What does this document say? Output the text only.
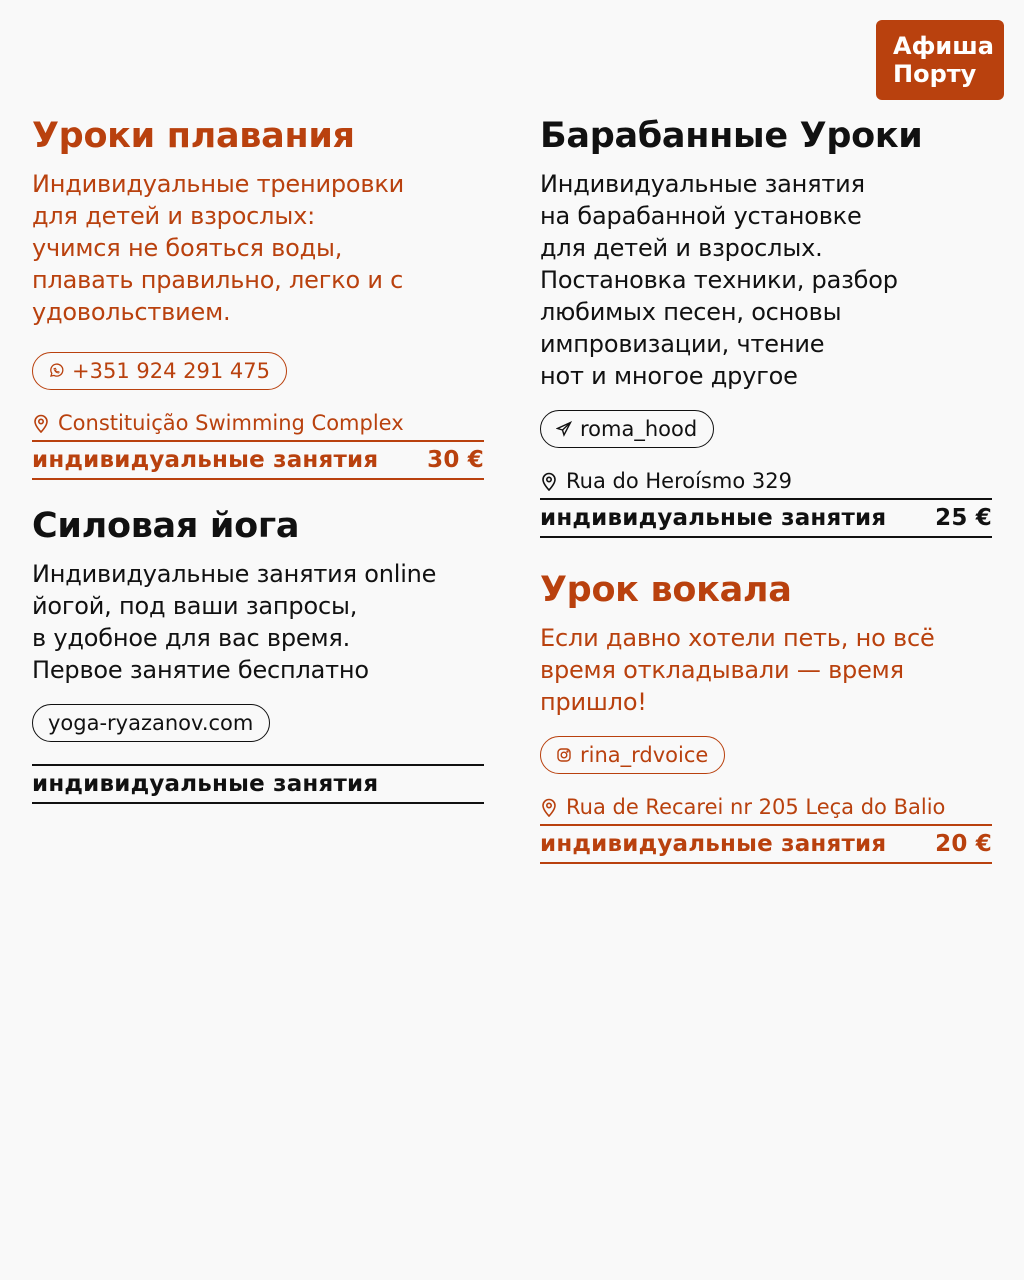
Афиша
Порту
Уроки плавания
Индивидуальные тренировки
для детей и взрослых:
учимся не бояться воды,
плавать правильно, легко и с
удовольствием.
+351 924 291 475
Constituição Swimming Complex
индивидуальные занятия 30 €
Барабанные Уроки
Индивидуальные занятия
на барабанной установке
для детей и взрослых.
Постановка техники, разбор
любимых песен, основы
импровизации, чтение
нот и многое другое
roma_hood
Rua do Heroísmo 329
индивидуальные занятия 25 €
Силовая йога
Индивидуальные занятия online
йогой, под ваши запросы,
в удобное для вас время.
Первое занятие бесплатно
yoga-ryazanov.com
индивидуальные занятия
Урок вокала
Если давно хотели петь, но всё
время откладывали — время
пришло!
rina_rdvoice
Rua de Recarei nr 205 Leça do Balio
индивидуальные занятия 20 €
